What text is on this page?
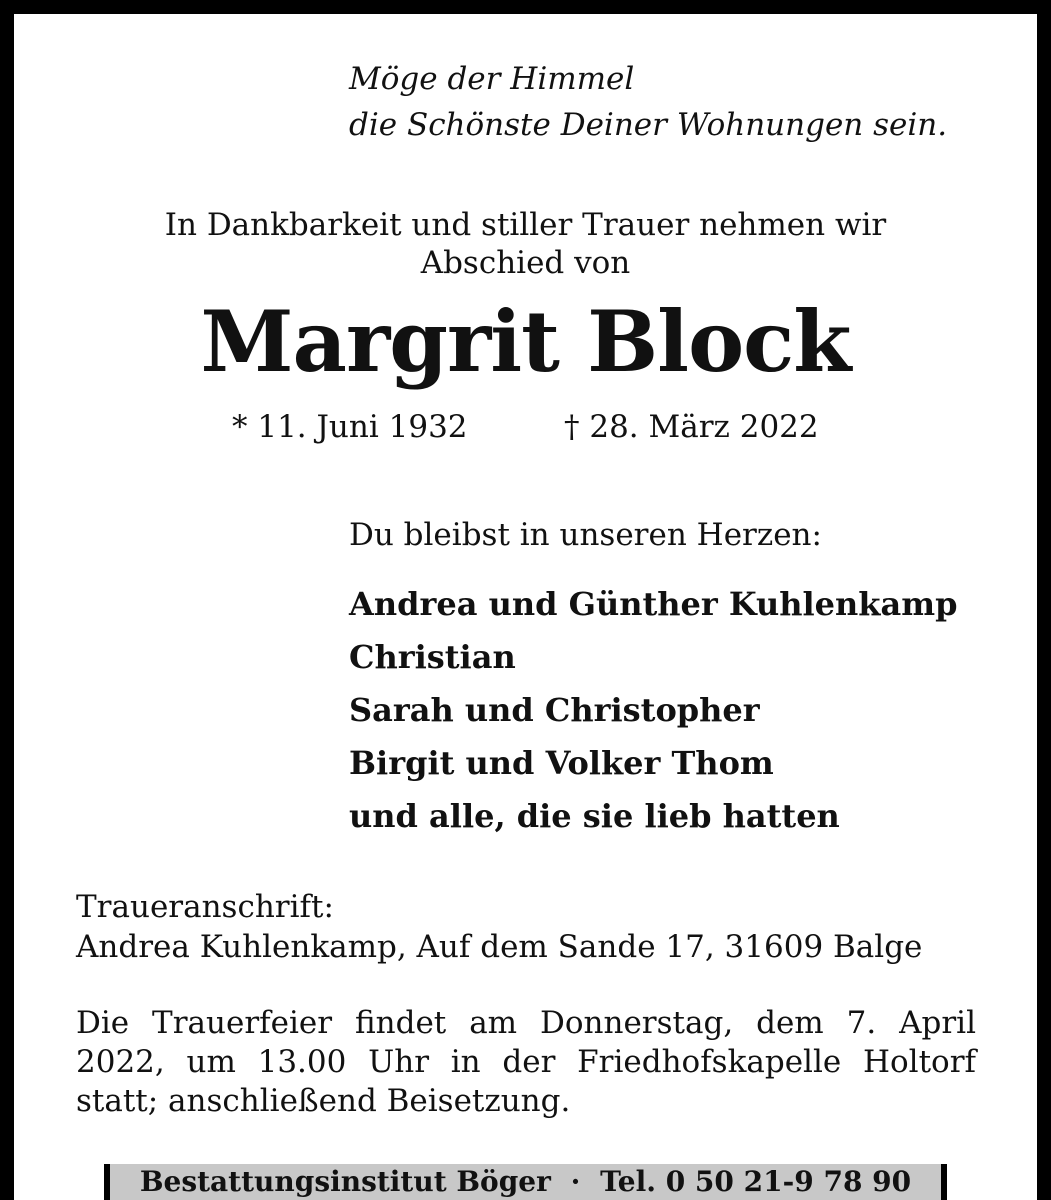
Möge der Himmel

die Schönste Deiner Wohnungen sein.

In Dankbarkeit und stiller Trauer nehmen wir

Abschied von

Margrit Block

* 11. Juni 1932	† 28. März 2022

Du bleibst in unseren Herzen:

Andrea und Günther Kuhlenkamp

Christian

Sarah und Christopher

Birgit und Volker Thom

und alle, die sie lieb hatten

Traueranschrift:

Andrea Kuhlenkamp, Auf dem Sande 17, 31609 Balge

Die Trauerfeier findet am Donnerstag, dem 7. April 2022, um 13.00 Uhr in der Friedhofskapelle Holtorf statt; anschließend Beisetzung.

Bestattungsinstitut Böger · Tel. 0 50 21-9 78 90
